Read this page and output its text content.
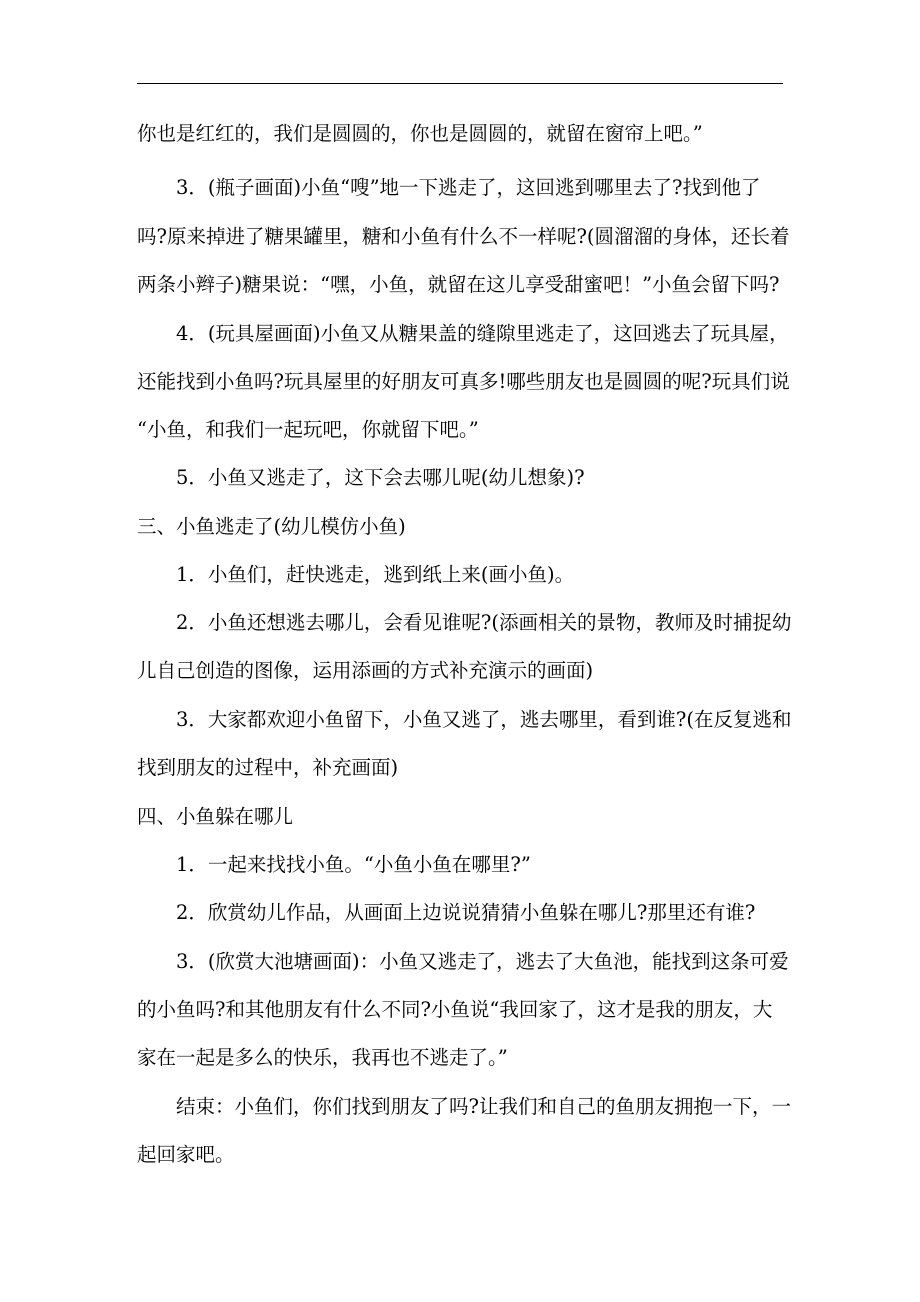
你也是红红的，我们是圆圆的，你也是圆圆的，就留在窗帘上吧。”
3．(瓶子画面)小鱼“嗖”地一下逃走了，这回逃到哪里去了?找到他了
吗?原来掉进了糖果罐里，糖和小鱼有什么不一样呢?(圆溜溜的身体，还长着
两条小辫子)糖果说：“嘿，小鱼，就留在这儿享受甜蜜吧！”小鱼会留下吗?
4．(玩具屋画面)小鱼又从糖果盖的缝隙里逃走了，这回逃去了玩具屋，
还能找到小鱼吗?玩具屋里的好朋友可真多!哪些朋友也是圆圆的呢?玩具们说
“小鱼，和我们一起玩吧，你就留下吧。”
5．小鱼又逃走了，这下会去哪儿呢(幼儿想象)?
三、小鱼逃走了(幼儿模仿小鱼)
1．小鱼们，赶快逃走，逃到纸上来(画小鱼)。
2．小鱼还想逃去哪儿，会看见谁呢?(添画相关的景物，教师及时捕捉幼
儿自己创造的图像，运用添画的方式补充演示的画面)
3．大家都欢迎小鱼留下，小鱼又逃了，逃去哪里，看到谁?(在反复逃和
找到朋友的过程中，补充画面)
四、小鱼躲在哪儿
1．一起来找找小鱼。“小鱼小鱼在哪里?”
2．欣赏幼儿作品，从画面上边说说猜猜小鱼躲在哪儿?那里还有谁?
3．(欣赏大池塘画面)：小鱼又逃走了，逃去了大鱼池，能找到这条可爱
的小鱼吗?和其他朋友有什么不同?小鱼说“我回家了，这才是我的朋友，大
家在一起是多么的快乐，我再也不逃走了。”
结束：小鱼们，你们找到朋友了吗?让我们和自己的鱼朋友拥抱一下，一
起回家吧。
